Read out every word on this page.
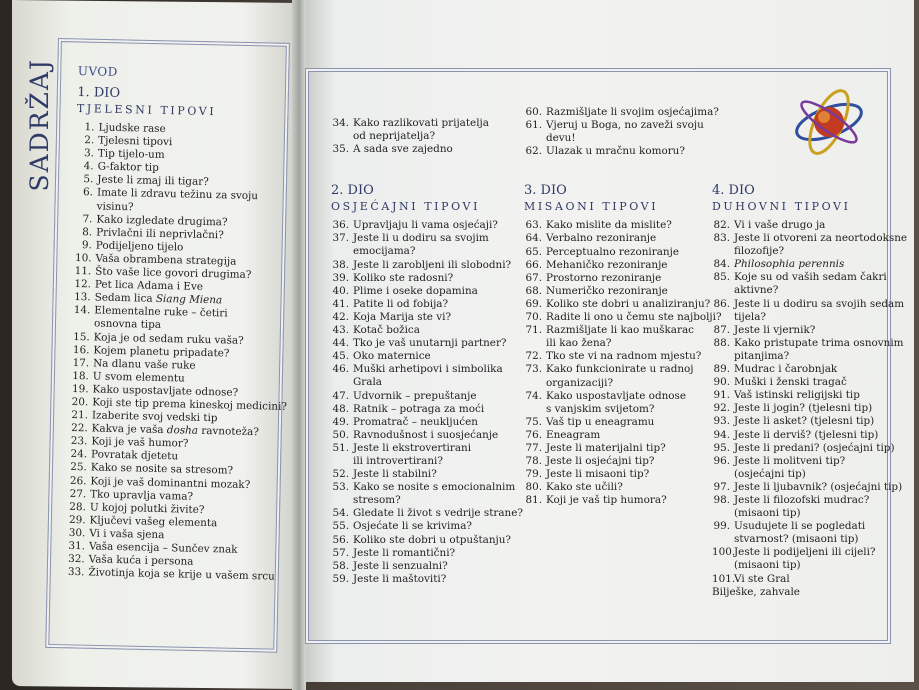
SADRŽAJ UVOD
1. DIO
TJELESNI TIPOVI
1. Ljudske rase
2. Tjelesni tipovi
3. Tip tijelo-um
4. G-faktor tip
5. Jeste li zmaj ili tigar?
6. Imate li zdravu težinu za svoju
visinu?
7. Kako izgledate drugima?
8. Privlačni ili neprivlačni?
9. Podijeljeno tijelo
10. Vaša obrambena strategija
11. Što vaše lice govori drugima?
12. Pet lica Adama i Eve
13. Sedam lica Siang Miena
14. Elementalne ruke – četiri
osnovna tipa
15. Koja je od sedam ruku vaša?
16. Kojem planetu pripadate?
17. Na dlanu vaše ruke
18. U svom elementu
19. Kako uspostavljate odnose?
20. Koji ste tip prema kineskoj medicini?
21. Izaberite svoj vedski tip
22. Kakva je vaša dosha ravnoteža?
23. Koji je vaš humor?
24. Povratak djetetu
25. Kako se nosite sa stresom?
26. Koji je vaš dominantni mozak?
27. Tko upravlja vama?
28. U kojoj polutki živite?
29. Ključevi vašeg elementa
30. Vi i vaša sjena
31. Vaša esencija – Sunčev znak
32. Vaša kuća i persona
33. Životinja koja se krije u vašem srcu
34. Kako razlikovati prijatelja
od neprijatelja?
35. A sada sve zajedno
2. DIO
OSJEĆAJNI TIPOVI
36. Upravljaju li vama osjećaji?
37. Jeste li u dodiru sa svojim
emocijama?
38. Jeste li zarobljeni ili slobodni?
39. Koliko ste radosni?
40. Plime i oseke dopamina
41. Patite li od fobija?
42. Koja Marija ste vi?
43. Kotač božica
44. Tko je vaš unutarnji partner?
45. Oko maternice
46. Muški arhetipovi i simbolika
Grala
47. Udvornik – prepuštanje
48. Ratnik – potraga za moći
49. Promatrač – neukljućen
50. Ravnodušnost i suosjećanje
51. Jeste li ekstrovertirani
ili introvertirani?
52. Jeste li stabilni?
53. Kako se nosite s emocionalnim
stresom?
54. Gledate li život s vedrije strane?
55. Osjećate li se krivima?
56. Koliko ste dobri u otpuštanju?
57. Jeste li romantični?
58. Jeste li senzualni?
59. Jeste li maštoviti?
60. Razmišljate li svojim osjećajima?
61. Vjeruj u Boga, no zaveži svoju
devu!
62. Ulazak u mračnu komoru?
3. DIO
MISAONI TIPOVI
63. Kako mislite da mislite?
64. Verbalno rezoniranje
65. Perceptualno rezoniranje
66. Mehaničko rezoniranje
67. Prostorno rezoniranje
68. Numeričko rezoniranje
69. Koliko ste dobri u analiziranju?
70. Radite li ono u čemu ste najbolji?
71. Razmišljate li kao muškarac
ili kao žena?
72. Tko ste vi na radnom mjestu?
73. Kako funkcionirate u radnoj
organizaciji?
74. Kako uspostavljate odnose
s vanjskim svijetom?
75. Vaš tip u eneagramu
76. Eneagram
77. Jeste li materijalni tip?
78. Jeste li osjećajni tip?
79. Jeste li misaoni tip?
80. Kako ste učili?
81. Koji je vaš tip humora?
4. DIO
DUHOVNI TIPOVI
82. Vi i vaše drugo ja
83. Jeste li otvoreni za neortodoksne
filozofije?
84. Philosophia perennis
85. Koje su od vaših sedam čakri
aktivne?
86. Jeste li u dodiru sa svojih sedam
tijela?
87. Jeste li vjernik?
88. Kako pristupate trima osnovnim
pitanjima?
89. Mudrac i čarobnjak
90. Muški i ženski tragač
91. Vaš istinski religijski tip
92. Jeste li jogin? (tjelesni tip)
93. Jeste li asket? (tjelesni tip)
94. Jeste li derviš? (tjelesni tip)
95. Jeste li predani? (osjećajni tip)
96. Jeste li molitveni tip?
(osjećajni tip)
97. Jeste li ljubavnik? (osjećajni tip)
98. Jeste li filozofski mudrac?
(misaoni tip)
99. Usudujete li se pogledati
stvarnost? (misaoni tip)
100.Jeste li podijeljeni ili cijeli?
(misaoni tip)
101.Vi ste Gral
Bilješke, zahvale
